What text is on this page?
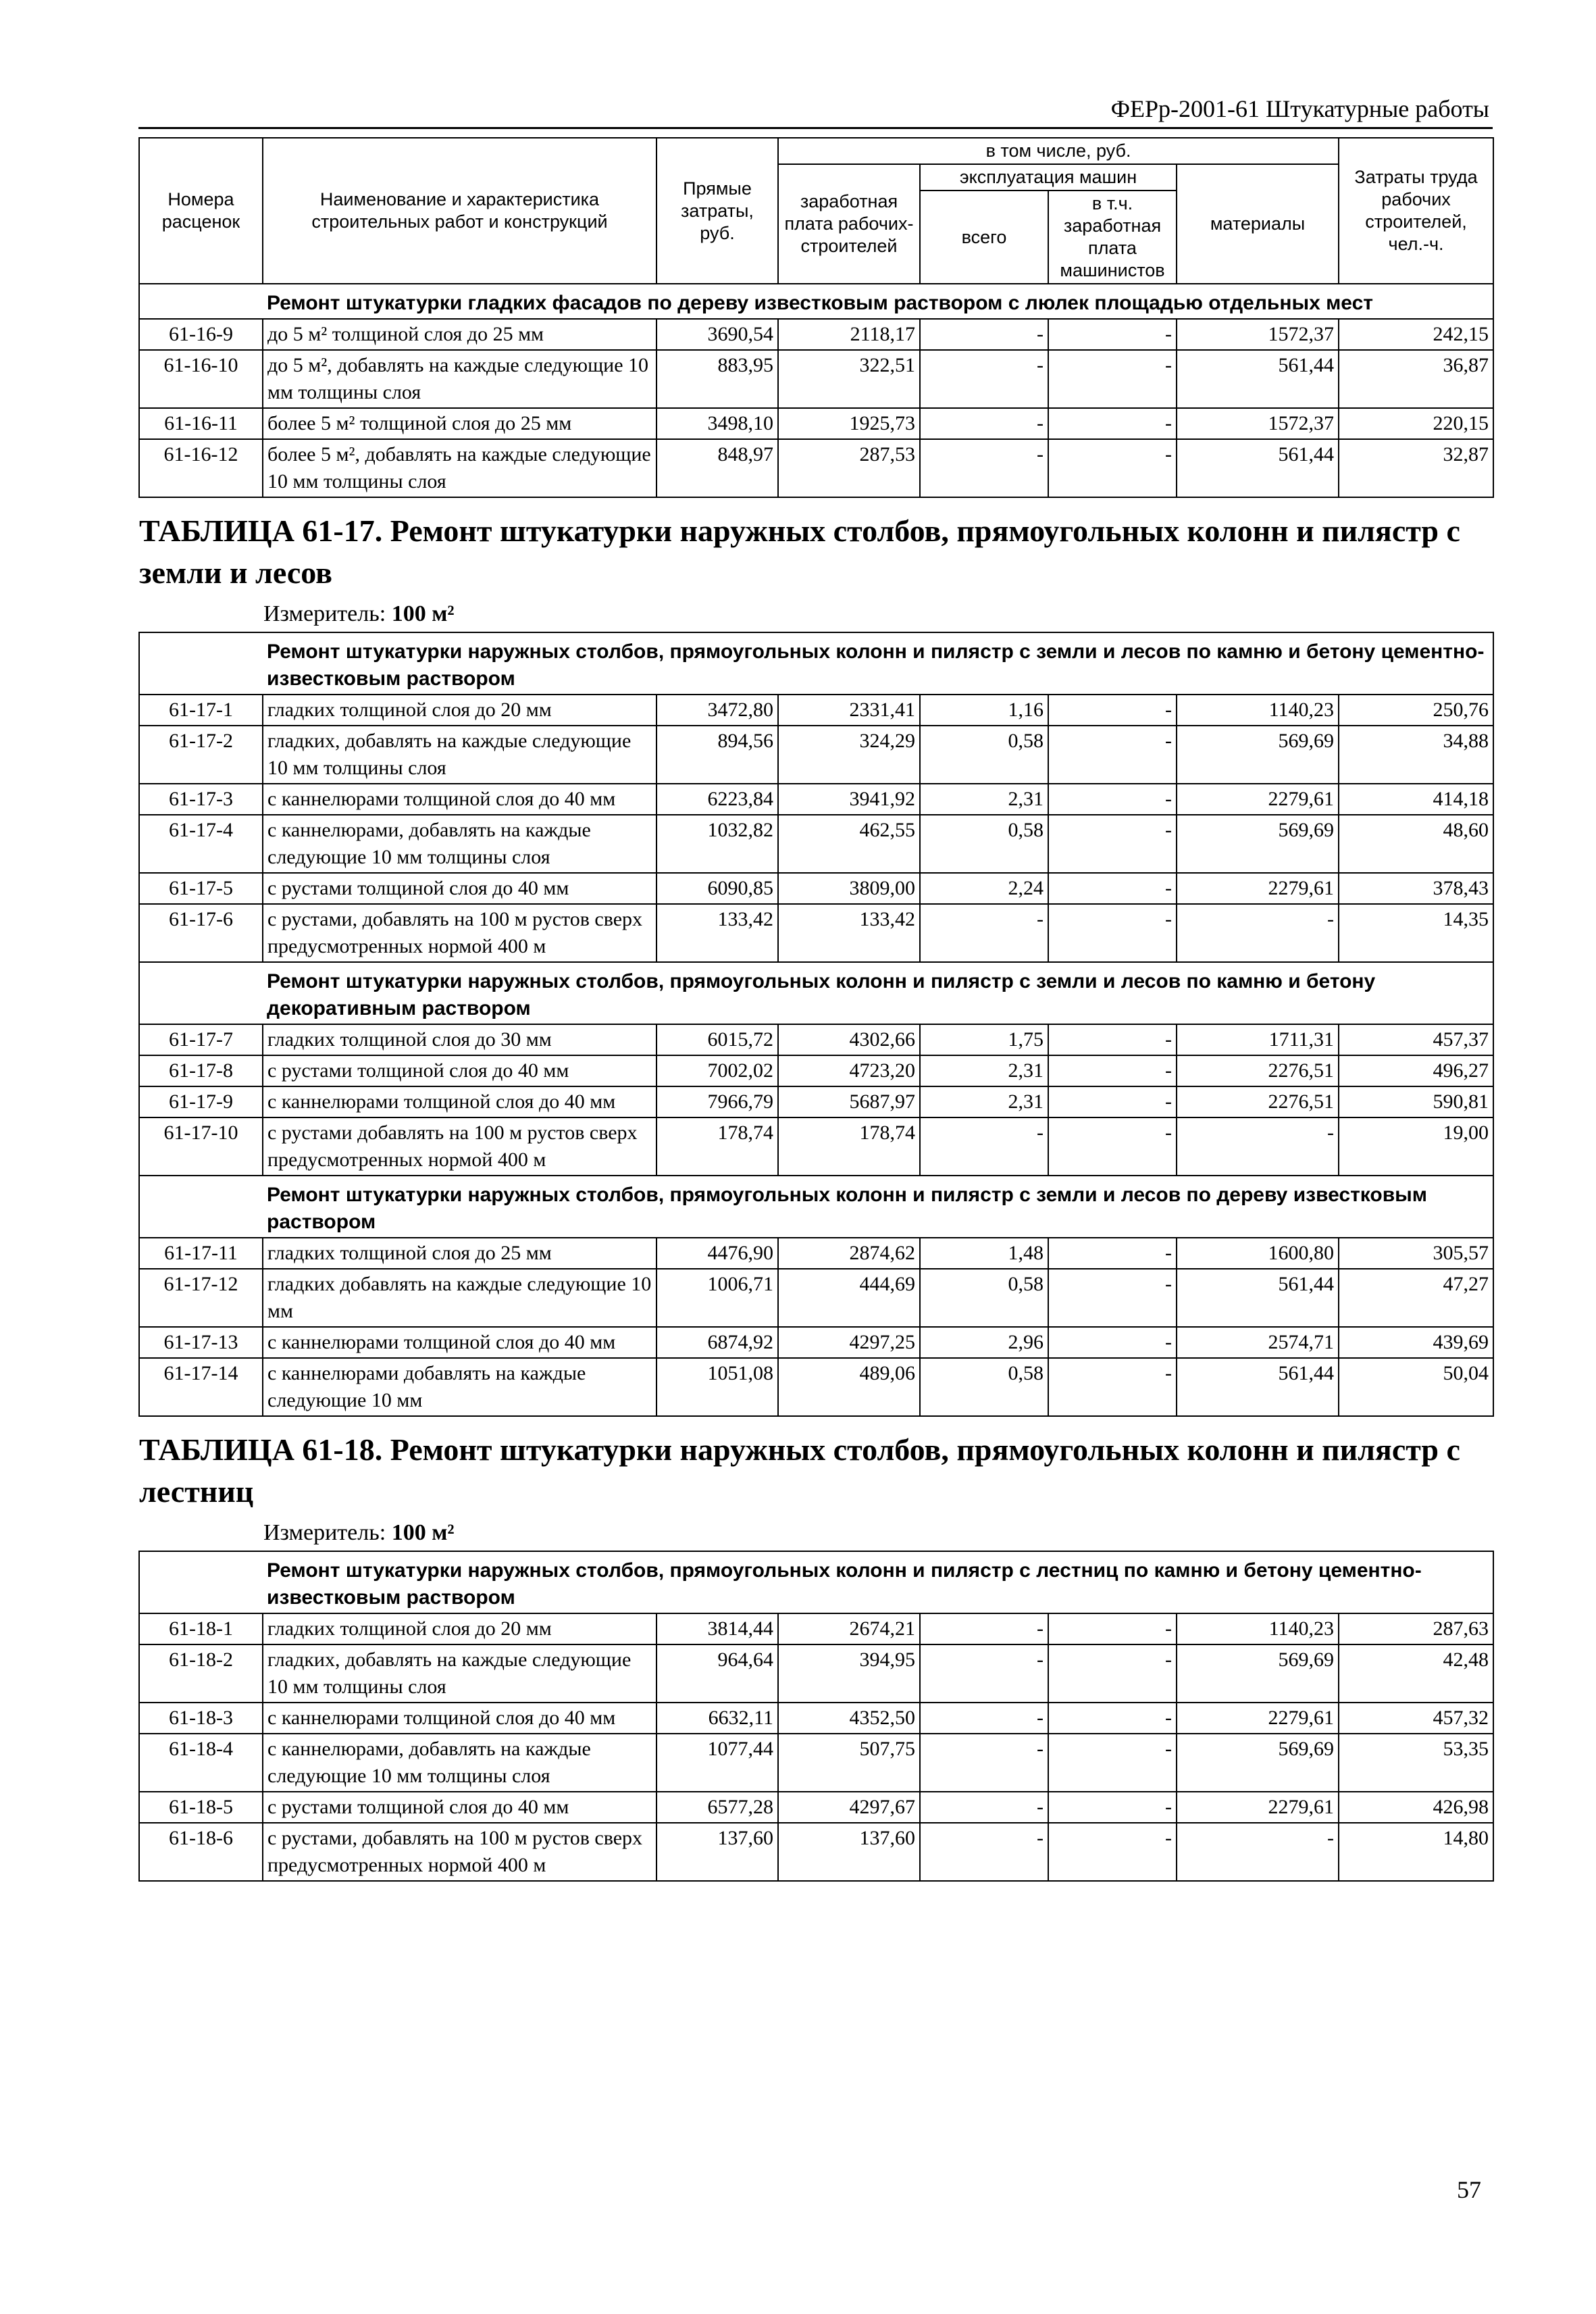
ФЕРр-2001-61 Штукатурные работы
Номера расценок	Наименование и характеристика строительных работ и конструкций	Прямые затраты, руб.	в том числе, руб.				Затраты труда рабочих строителей, чел.-ч.
			заработная плата рабочих-строителей	эксплуатация машин		материалы	
				всего	в т.ч. заработная плата машинистов		
	Ремонт штукатурки гладких фасадов по дереву известковым раствором с люлек площадью отдельных мест						
61-16-9	до 5 м² толщиной слоя до 25 мм	3690,54	2118,17	-	-	1572,37	242,15
61-16-10	до 5 м², добавлять на каждые следующие 10 мм толщины слоя	883,95	322,51	-	-	561,44	36,87
61-16-11	более 5 м² толщиной слоя до 25 мм	3498,10	1925,73	-	-	1572,37	220,15
61-16-12	более 5 м², добавлять на каждые следующие 10 мм толщины слоя	848,97	287,53	-	-	561,44	32,87

ТАБЛИЦА 61-17. Ремонт штукатурки наружных столбов, прямоугольных колонн и пилястр с земли и лесов
Измеритель: 100 м²							

	Ремонт штукатурки наружных столбов, прямоугольных колонн и пилястр с земли и лесов по камню и бетону цементно-известковым раствором						
61-17-1	гладких толщиной слоя до 20 мм	3472,80	2331,41	1,16	-	1140,23	250,76
61-17-2	гладких, добавлять на каждые следующие 10 мм толщины слоя	894,56	324,29	0,58	-	569,69	34,88
61-17-3	с каннелюрами толщиной слоя до 40 мм	6223,84	3941,92	2,31	-	2279,61	414,18
61-17-4	с каннелюрами, добавлять на каждые следующие 10 мм толщины слоя	1032,82	462,55	0,58	-	569,69	48,60
61-17-5	с рустами толщиной слоя до 40 мм	6090,85	3809,00	2,24	-	2279,61	378,43
61-17-6	с рустами, добавлять на 100 м рустов сверх предусмотренных нормой 400 м	133,42	133,42	-	-	-	14,35
	Ремонт штукатурки наружных столбов, прямоугольных колонн и пилястр с земли и лесов по камню и бетону декоративным раствором						
61-17-7	гладких толщиной слоя до 30 мм	6015,72	4302,66	1,75	-	1711,31	457,37
61-17-8	с рустами толщиной слоя до 40 мм	7002,02	4723,20	2,31	-	2276,51	496,27
61-17-9	с каннелюрами толщиной слоя до 40 мм	7966,79	5687,97	2,31	-	2276,51	590,81
61-17-10	с рустами добавлять на 100 м рустов сверх предусмотренных нормой 400 м	178,74	178,74	-	-	-	19,00
	Ремонт штукатурки наружных столбов, прямоугольных колонн и пилястр с земли и лесов по дереву известковым раствором						
61-17-11	гладких толщиной слоя до 25 мм	4476,90	2874,62	1,48	-	1600,80	305,57
61-17-12	гладких добавлять на каждые следующие 10 мм	1006,71	444,69	0,58	-	561,44	47,27
61-17-13	с каннелюрами толщиной слоя до 40 мм	6874,92	4297,25	2,96	-	2574,71	439,69
61-17-14	с каннелюрами добавлять на каждые следующие 10 мм	1051,08	489,06	0,58	-	561,44	50,04

ТАБЛИЦА 61-18. Ремонт штукатурки наружных столбов, прямоугольных колонн и пилястр с лестниц
Измеритель: 100 м²							

	Ремонт штукатурки наружных столбов, прямоугольных колонн и пилястр с лестниц по камню и бетону цементно-известковым раствором						
61-18-1	гладких толщиной слоя до 20 мм	3814,44	2674,21	-	-	1140,23	287,63
61-18-2	гладких, добавлять на каждые следующие 10 мм толщины слоя	964,64	394,95	-	-	569,69	42,48
61-18-3	с каннелюрами толщиной слоя до 40 мм	6632,11	4352,50	-	-	2279,61	457,32
61-18-4	с каннелюрами, добавлять на каждые следующие 10 мм толщины слоя	1077,44	507,75	-	-	569,69	53,35
61-18-5	с рустами толщиной слоя до 40 мм	6577,28	4297,67	-	-	2279,61	426,98
61-18-6	с рустами, добавлять на 100 м рустов сверх предусмотренных нормой 400 м	137,60	137,60	-	-	-	14,80
57
